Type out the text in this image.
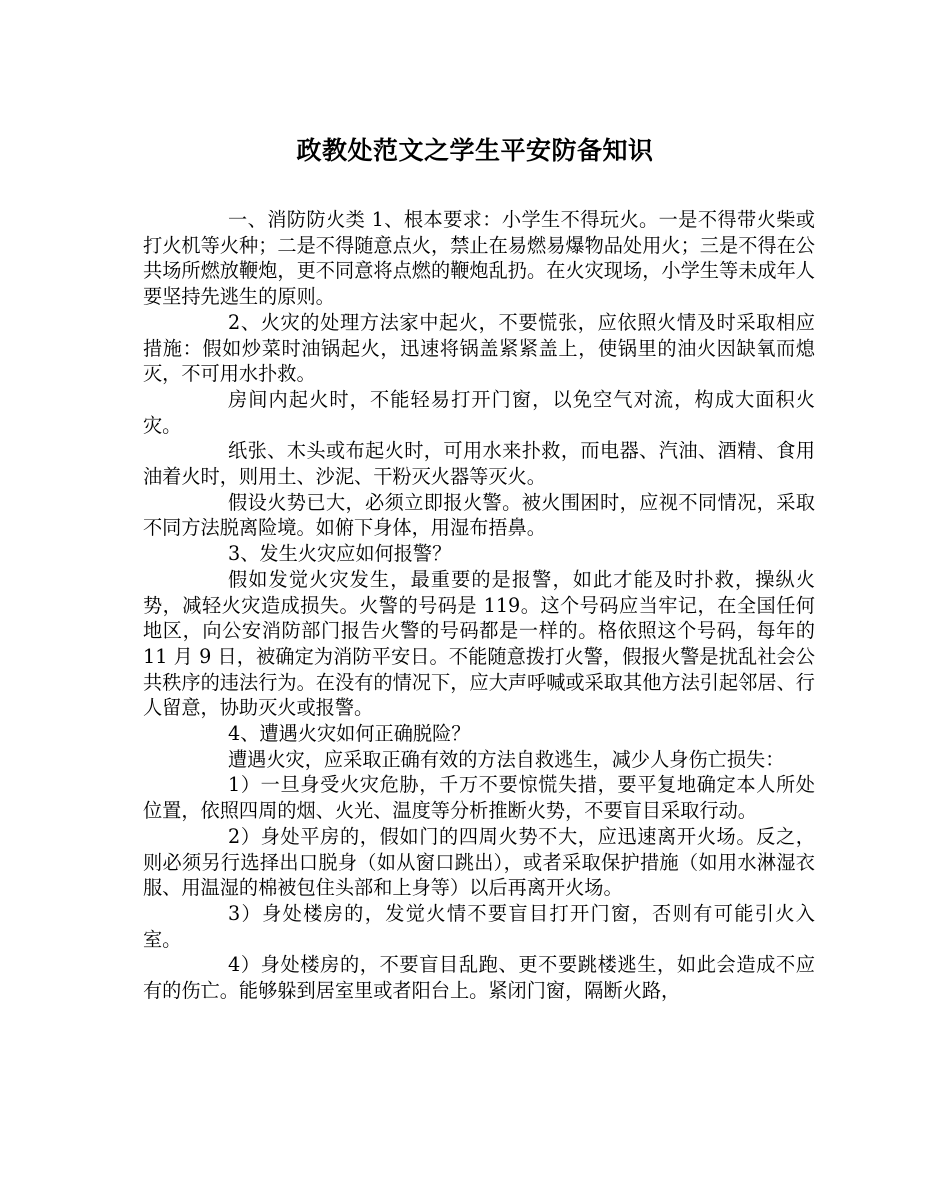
政教处范文之学生平安防备知识

一、消防防火类 1、根本要求：小学生不得玩火。一是不得带火柴或打火机等火种；二是不得随意点火，禁止在易燃易爆物品处用火；三是不得在公共场所燃放鞭炮，更不同意将点燃的鞭炮乱扔。在火灾现场，小学生等未成年人要坚持先逃生的原则。

2、火灾的处理方法家中起火，不要慌张，应依照火情及时采取相应措施：假如炒菜时油锅起火，迅速将锅盖紧紧盖上，使锅里的油火因缺氧而熄灭，不可用水扑救。

房间内起火时，不能轻易打开门窗，以免空气对流，构成大面积火灾。

纸张、木头或布起火时，可用水来扑救，而电器、汽油、酒精、食用油着火时，则用土、沙泥、干粉灭火器等灭火。

假设火势已大，必须立即报火警。被火围困时，应视不同情况，采取不同方法脱离险境。如俯下身体，用湿布捂鼻。

3、发生火灾应如何报警？

假如发觉火灾发生，最重要的是报警，如此才能及时扑救，操纵火势，减轻火灾造成损失。火警的号码是 119。这个号码应当牢记，在全国任何地区，向公安消防部门报告火警的号码都是一样的。格依照这个号码，每年的 11 月 9 日，被确定为消防平安日。不能随意拨打火警，假报火警是扰乱社会公共秩序的违法行为。在没有的情况下，应大声呼喊或采取其他方法引起邻居、行人留意，协助灭火或报警。

4、遭遇火灾如何正确脱险？

遭遇火灾，应采取正确有效的方法自救逃生，减少人身伤亡损失：

1）一旦身受火灾危胁，千万不要惊慌失措，要平复地确定本人所处位置，依照四周的烟、火光、温度等分析推断火势，不要盲目采取行动。

2）身处平房的，假如门的四周火势不大，应迅速离开火场。反之，则必须另行选择出口脱身（如从窗口跳出），或者采取保护措施（如用水淋湿衣服、用温湿的棉被包住头部和上身等）以后再离开火场。

3）身处楼房的，发觉火情不要盲目打开门窗，否则有可能引火入室。

4）身处楼房的，不要盲目乱跑、更不要跳楼逃生，如此会造成不应有的伤亡。能够躲到居室里或者阳台上。紧闭门窗，隔断火路，
